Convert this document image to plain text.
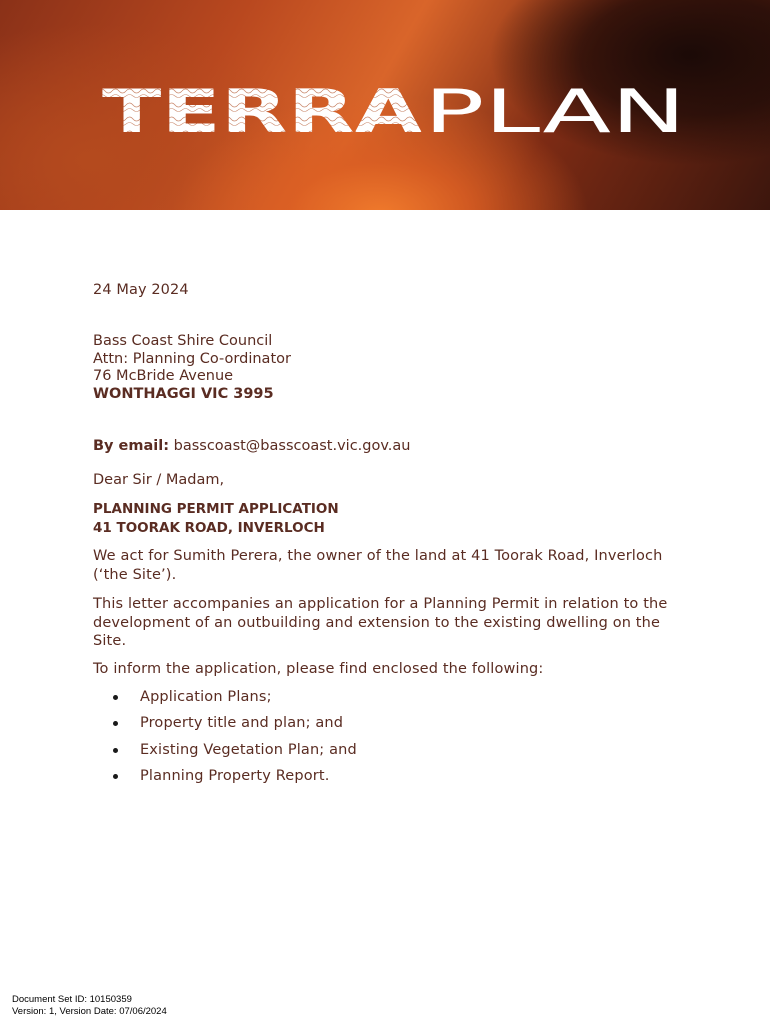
TERRA PLAN
24 May 2024
Bass Coast Shire Council
Attn: Planning Co-ordinator
76 McBride Avenue
WONTHAGGI VIC 3995
By email: basscoast@basscoast.vic.gov.au
Dear Sir / Madam,
PLANNING PERMIT APPLICATION
41 TOORAK ROAD, INVERLOCH
We act for Sumith Perera, the owner of the land at 41 Toorak Road, Inverloch (‘the Site’).
This letter accompanies an application for a Planning Permit in relation to the development of an outbuilding and extension to the existing dwelling on the Site.
To inform the application, please find enclosed the following:
Application Plans;
Property title and plan; and
Existing Vegetation Plan; and
Planning Property Report.
Document Set ID: 10150359
Version: 1, Version Date: 07/06/2024
